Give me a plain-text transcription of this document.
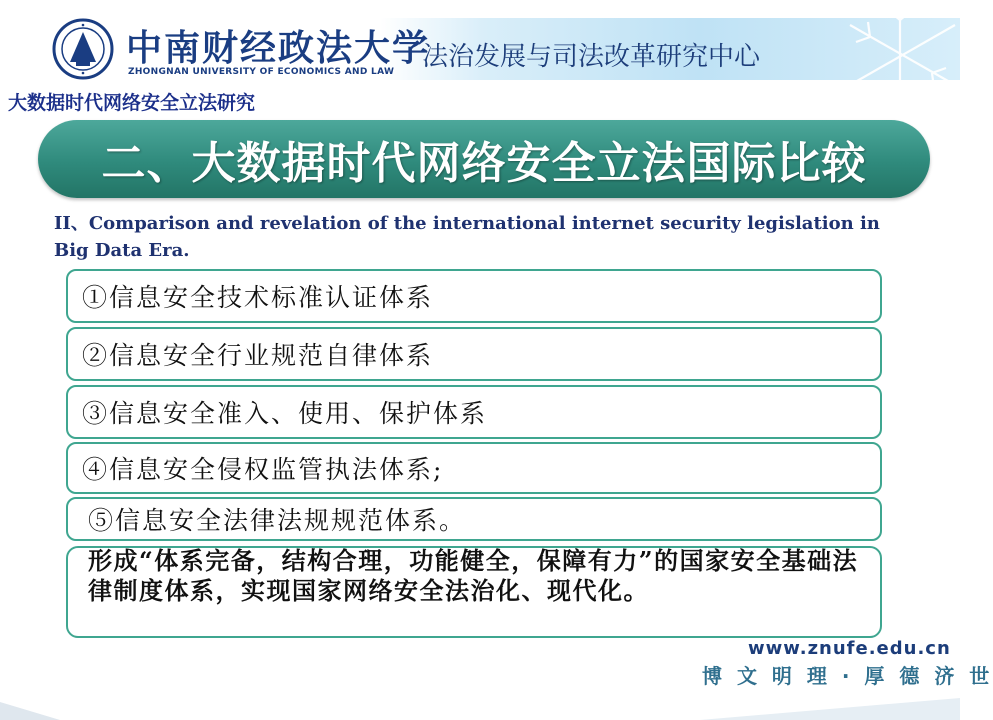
中南财经政法大学
ZHONGNAN UNIVERSITY OF ECONOMICS AND LAW 法治发展与司法改革研究中心
大数据时代网络安全立法研究
二、大数据时代网络安全立法国际比较
II、Comparison and revelation of the international internet security legislation in Big Data Era.
①信息安全技术标准认证体系
②信息安全行业规范自律体系
③信息安全准入、使用、保护体系
④信息安全侵权监管执法体系;
⑤信息安全法律法规规范体系。
形成“体系完备，结构合理，功能健全，保障有力”的国家安全基础法律制度体系，实现国家网络安全法治化、现代化。
www.znufe.edu.cn
博 文 明 理 · 厚 德 济 世
